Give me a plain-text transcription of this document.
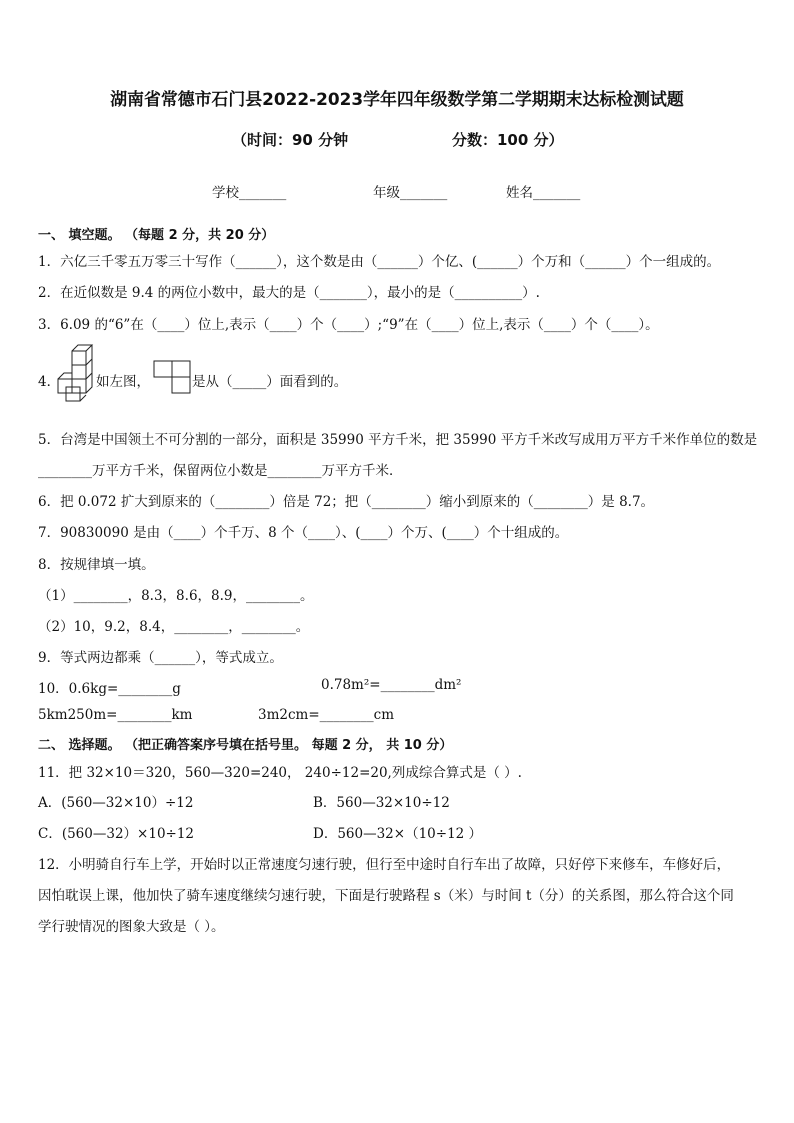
湖南省常德市石门县2022-2023学年四年级数学第二学期期末达标检测试题
（时间：90 分钟	分数：100 分）
学校_______	年级_______	姓名_______
一、 填空题。 （每题 2 分，共 20 分）
1．六亿三千零五万零三十写作（______），这个数是由（______）个亿、(______）个万和（______）个一组成的。
2．在近似数是 9.4 的两位小数中，最大的是（_______），最小的是（__________）.
3．6.09 的“6”在（____）位上,表示（____）个（____）;“9”在（____）位上,表示（____）个（____）。
4．	如左图，	是从（_____）面看到的。
5．台湾是中国领土不可分割的一部分，面积是 35990 平方千米，把 35990 平方千米改写成用万平方千米作单位的数是
________万平方千米，保留两位小数是________万平方千米．
6．把 0.072 扩大到原来的（________）倍是 72；把（________）缩小到原来的（________）是 8.7。
7．90830090 是由（____）个千万、8 个（____）、(____）个万、(____）个十组成的。
8．按规律填一填。
（1）________，8.3，8.6，8.9，________。
（2）10，9.2，8.4，________，________。
9．等式两边都乘（______），等式成立。
10．0.6kg=________g	0.78m²=________dm²
5km250m=________km	3m2cm=________cm
二、 选择题。 （把正确答案序号填在括号里。 每题 2 分， 共 10 分）
11．把 32×10＝320，560—320=240， 240÷12=20,列成综合算式是（ ）.
A．(560—32×10）÷12	B．560—32×10÷12
C．(560—32）×10÷12	D．560—32×（10÷12 ）
12．小明骑自行车上学，开始时以正常速度匀速行驶，但行至中途时自行车出了故障，只好停下来修车，车修好后，
因怕耽误上课，他加快了骑车速度继续匀速行驶，下面是行驶路程 s（米）与时间 t（分）的关系图，那么符合这个同
学行驶情况的图象大致是（ ）。
